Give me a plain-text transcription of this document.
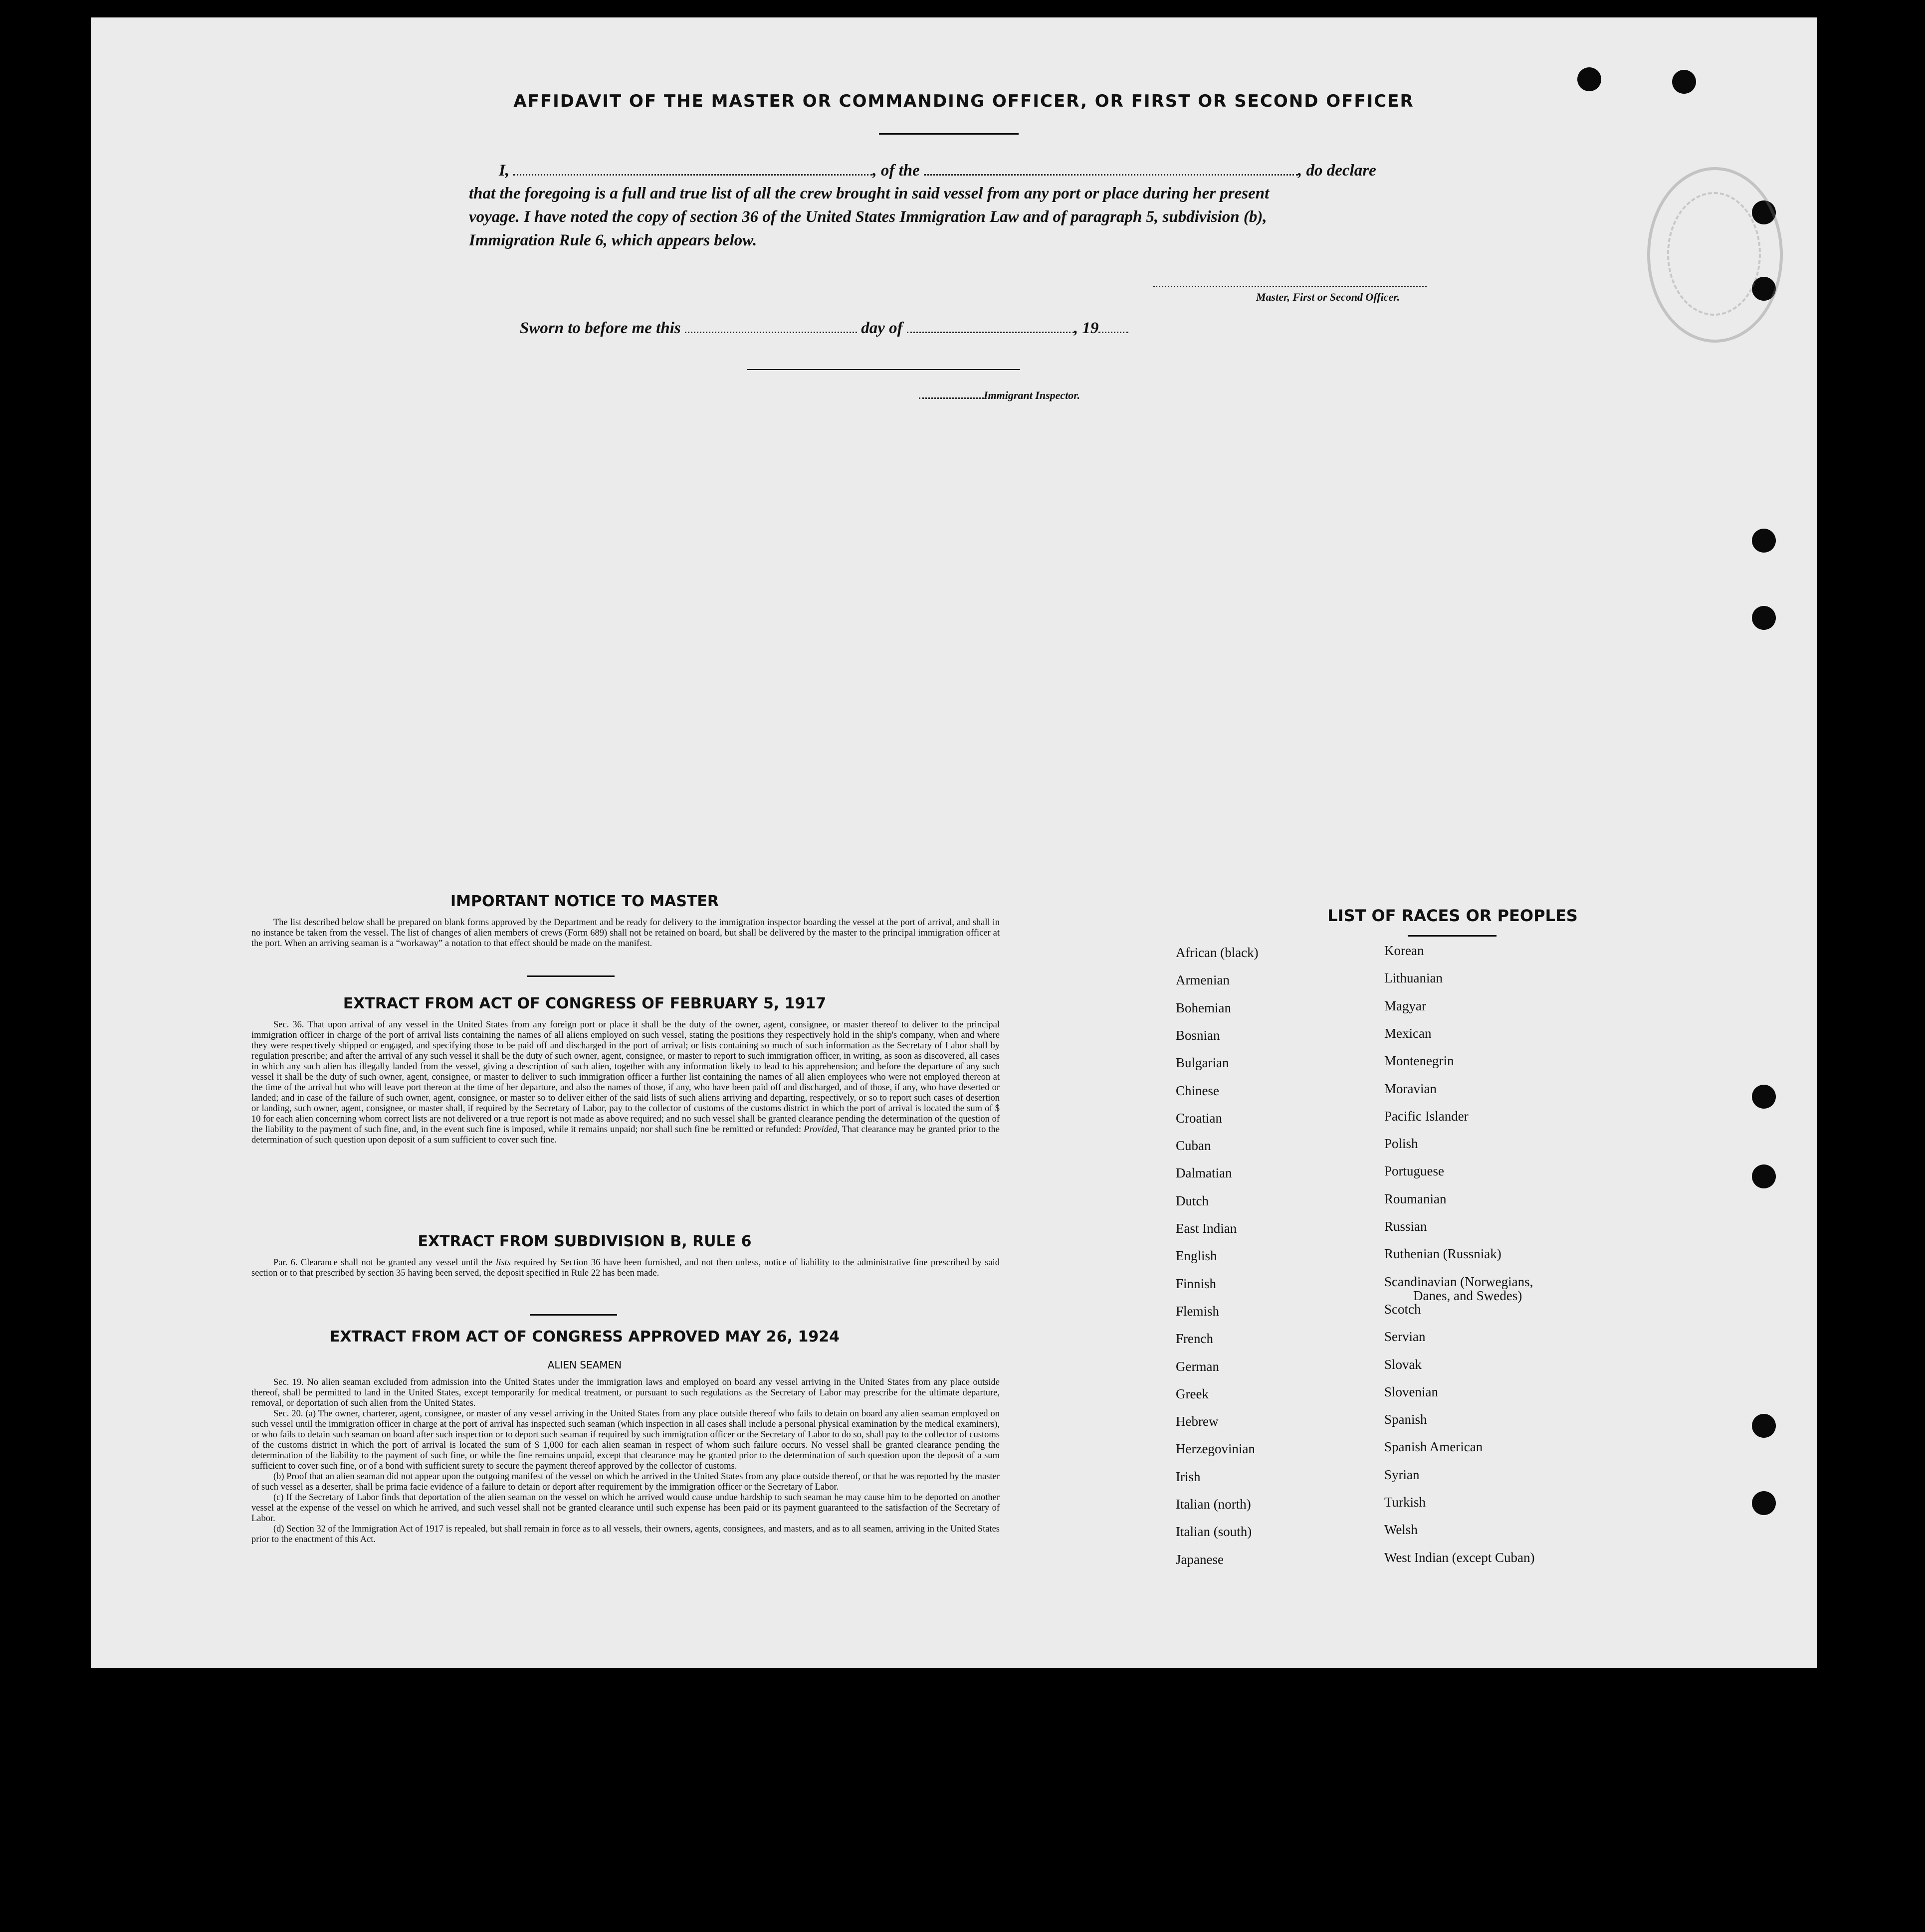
AFFIDAVIT OF THE MASTER OR COMMANDING OFFICER, OR FIRST OR SECOND OFFICER
I,	, of the	, do declare
that the foregoing is a full and true list of all the crew brought in said vessel from any port or place during her present
voyage. I have noted the copy of section 36 of the United States Immigration Law and of paragraph 5, subdivision (b),
Immigration Rule 6, which appears below.
Master, First or Second Officer.
Sworn to before me this	day of	, 19
Immigrant Inspector.
IMPORTANT NOTICE TO MASTER
The list described below shall be prepared on blank forms approved by the Department and be ready for delivery to the immigration inspector boarding the vessel at the port of arrival, and shall in no instance be taken from the vessel. The list of changes of alien members of crews (Form 689) shall not be retained on board, but shall be delivered by the master to the principal immigration officer at the port. When an arriving seaman is a “workaway” a notation to that effect should be made on the manifest.
EXTRACT FROM ACT OF CONGRESS OF FEBRUARY 5, 1917
Sec. 36. That upon arrival of any vessel in the United States from any foreign port or place it shall be the duty of the owner, agent, consignee, or master thereof to deliver to the principal immigration officer in charge of the port of arrival lists containing the names of all aliens employed on such vessel, stating the positions they respectively hold in the ship's company, when and where they were respectively shipped or engaged, and specifying those to be paid off and discharged in the port of arrival; or lists containing so much of such information as the Secretary of Labor shall by regulation prescribe; and after the arrival of any such vessel it shall be the duty of such owner, agent, consignee, or master to report to such immigration officer, in writing, as soon as discovered, all cases in which any such alien has illegally landed from the vessel, giving a description of such alien, together with any information likely to lead to his apprehension; and before the departure of any such vessel it shall be the duty of such owner, agent, consignee, or master to deliver to such immigration officer a further list containing the names of all alien employees who were not employed thereon at the time of the arrival but who will leave port thereon at the time of her departure, and also the names of those, if any, who have been paid off and discharged, and of those, if any, who have deserted or landed; and in case of the failure of such owner, agent, consignee, or master so to deliver either of the said lists of such aliens arriving and departing, respectively, or so to report such cases of desertion or landing, such owner, agent, consignee, or master shall, if required by the Secretary of Labor, pay to the collector of customs of the customs district in which the port of arrival is located the sum of $ 10 for each alien concerning whom correct lists are not delivered or a true report is not made as above required; and no such vessel shall be granted clearance pending the determination of the question of the liability to the payment of such fine, and, in the event such fine is imposed, while it remains unpaid; nor shall such fine be remitted or refunded: Provided, That clearance may be granted prior to the determination of such question upon deposit of a sum sufficient to cover such fine.
EXTRACT FROM SUBDIVISION B, RULE 6
Par. 6. Clearance shall not be granted any vessel until the lists required by Section 36 have been furnished, and not then unless, notice of liability to the administrative fine prescribed by said section or to that prescribed by section 35 having been served, the deposit specified in Rule 22 has been made.
EXTRACT FROM ACT OF CONGRESS APPROVED MAY 26, 1924
ALIEN SEAMEN

Sec. 19. No alien seaman excluded from admission into the United States under the immigration laws and employed on board any vessel arriving in the United States from any place outside thereof, shall be permitted to land in the United States, except temporarily for medical treatment, or pursuant to such regulations as the Secretary of Labor may prescribe for the ultimate departure, removal, or deportation of such alien from the United States.

Sec. 20. (a) The owner, charterer, agent, consignee, or master of any vessel arriving in the United States from any place outside thereof who fails to detain on board any alien seaman employed on such vessel until the immigration officer in charge at the port of arrival has inspected such seaman (which inspection in all cases shall include a personal physical examination by the medical examiners), or who fails to detain such seaman on board after such inspection or to deport such seaman if required by such immigration officer or the Secretary of Labor to do so, shall pay to the collector of customs of the customs district in which the port of arrival is located the sum of $ 1,000 for each alien seaman in respect of whom such failure occurs. No vessel shall be granted clearance pending the determination of the liability to the payment of such fine, or while the fine remains unpaid, except that clearance may be granted prior to the determination of such question upon the deposit of a sum sufficient to cover such fine, or of a bond with sufficient surety to secure the payment thereof approved by the collector of customs.

(b) Proof that an alien seaman did not appear upon the outgoing manifest of the vessel on which he arrived in the United States from any place outside thereof, or that he was reported by the master of such vessel as a deserter, shall be prima facie evidence of a failure to detain or deport after requirement by the immigration officer or the Secretary of Labor.

(c) If the Secretary of Labor finds that deportation of the alien seaman on the vessel on which he arrived would cause undue hardship to such seaman he may cause him to be deported on another vessel at the expense of the vessel on which he arrived, and such vessel shall not be granted clearance until such expense has been paid or its payment guaranteed to the satisfaction of the Secretary of Labor.

(d) Section 32 of the Immigration Act of 1917 is repealed, but shall remain in force as to all vessels, their owners, agents, consignees, and masters, and as to all seamen, arriving in the United States prior to the enactment of this Act.

LIST OF RACES OR PEOPLES
African (black)
Armenian
Bohemian
Bosnian
Bulgarian
Chinese
Croatian
Cuban
Dalmatian
Dutch
East Indian
English
Finnish
Flemish
French
German
Greek
Hebrew
Herzegovinian
Irish
Italian (north)
Italian (south)
Japanese
Korean
Lithuanian
Magyar
Mexican
Montenegrin
Moravian
Pacific Islander
Polish
Portuguese
Roumanian
Russian
Ruthenian (Russniak)
Scandinavian (Norwegians,
Danes, and Swedes)
Scotch
Servian
Slovak
Slovenian
Spanish
Spanish American
Syrian
Turkish
Welsh
West Indian (except Cuban)
